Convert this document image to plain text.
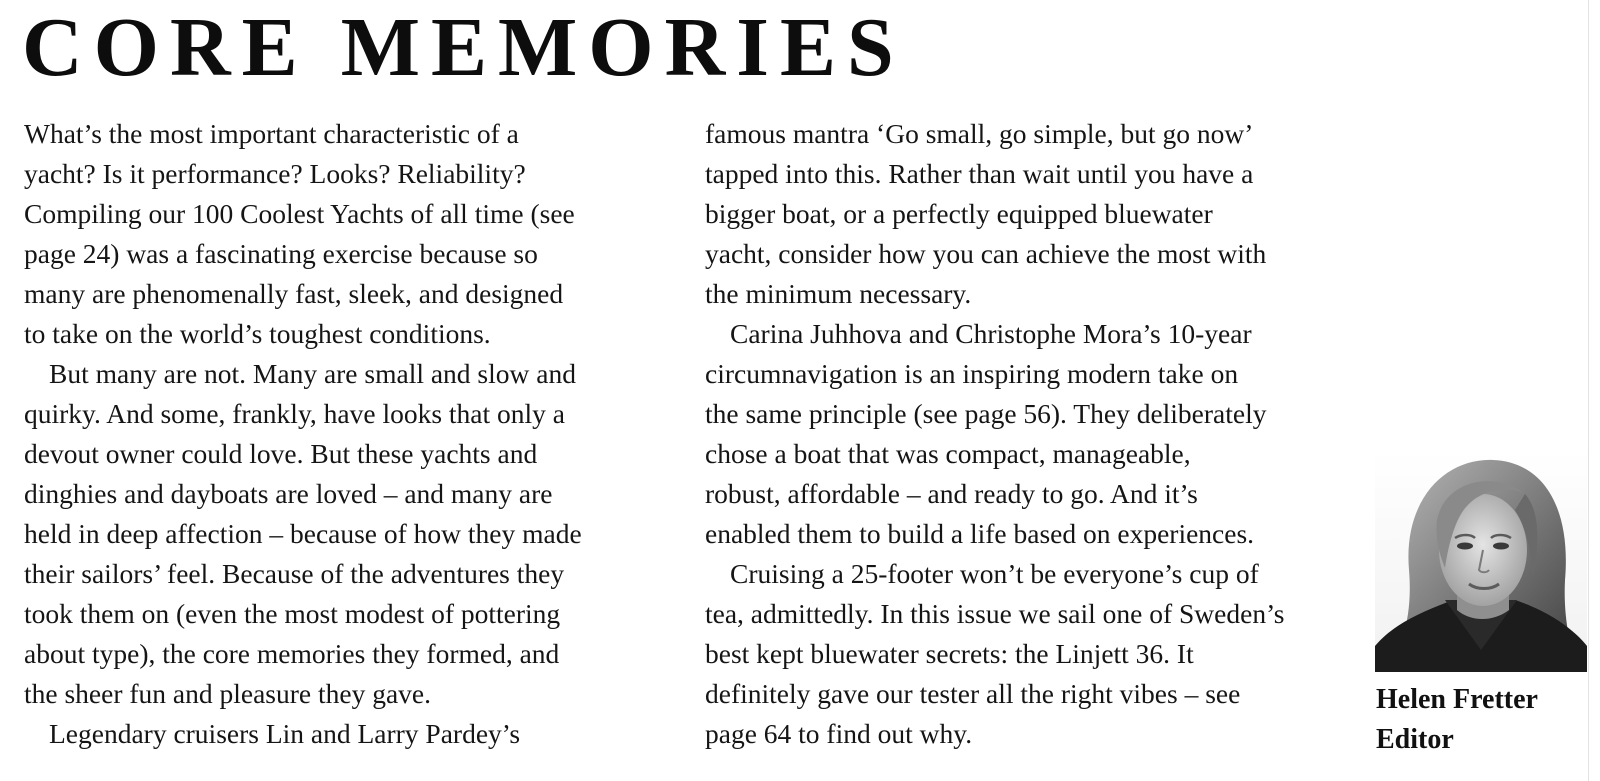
CORE MEMORIES

What’s the most important characteristic of a
yacht? Is it performance? Looks? Reliability?
Compiling our 100 Coolest Yachts of all time (see
page 24) was a fascinating exercise because so
many are phenomenally fast, sleek, and designed
to take on the world’s toughest conditions.

But many are not. Many are small and slow and
quirky. And some, frankly, have looks that only a
devout owner could love. But these yachts and
dinghies and dayboats are loved – and many are
held in deep affection – because of how they made
their sailors’ feel. Because of the adventures they
took them on (even the most modest of pottering
about type), the core memories they formed, and
the sheer fun and pleasure they gave.

Legendary cruisers Lin and Larry Pardey’s

famous mantra ‘Go small, go simple, but go now’
tapped into this. Rather than wait until you have a
bigger boat, or a perfectly equipped bluewater
yacht, consider how you can achieve the most with
the minimum necessary.

Carina Juhhova and Christophe Mora’s 10-year
circumnavigation is an inspiring modern take on
the same principle (see page 56). They deliberately
chose a boat that was compact, manageable,
robust, affordable – and ready to go. And it’s
enabled them to build a life based on experiences.

Cruising a 25-footer won’t be everyone’s cup of
tea, admittedly. In this issue we sail one of Sweden’s
best kept bluewater secrets: the Linjett 36. It
definitely gave our tester all the right vibes – see
page 64 to find out why.

Helen Fretter
Editor
